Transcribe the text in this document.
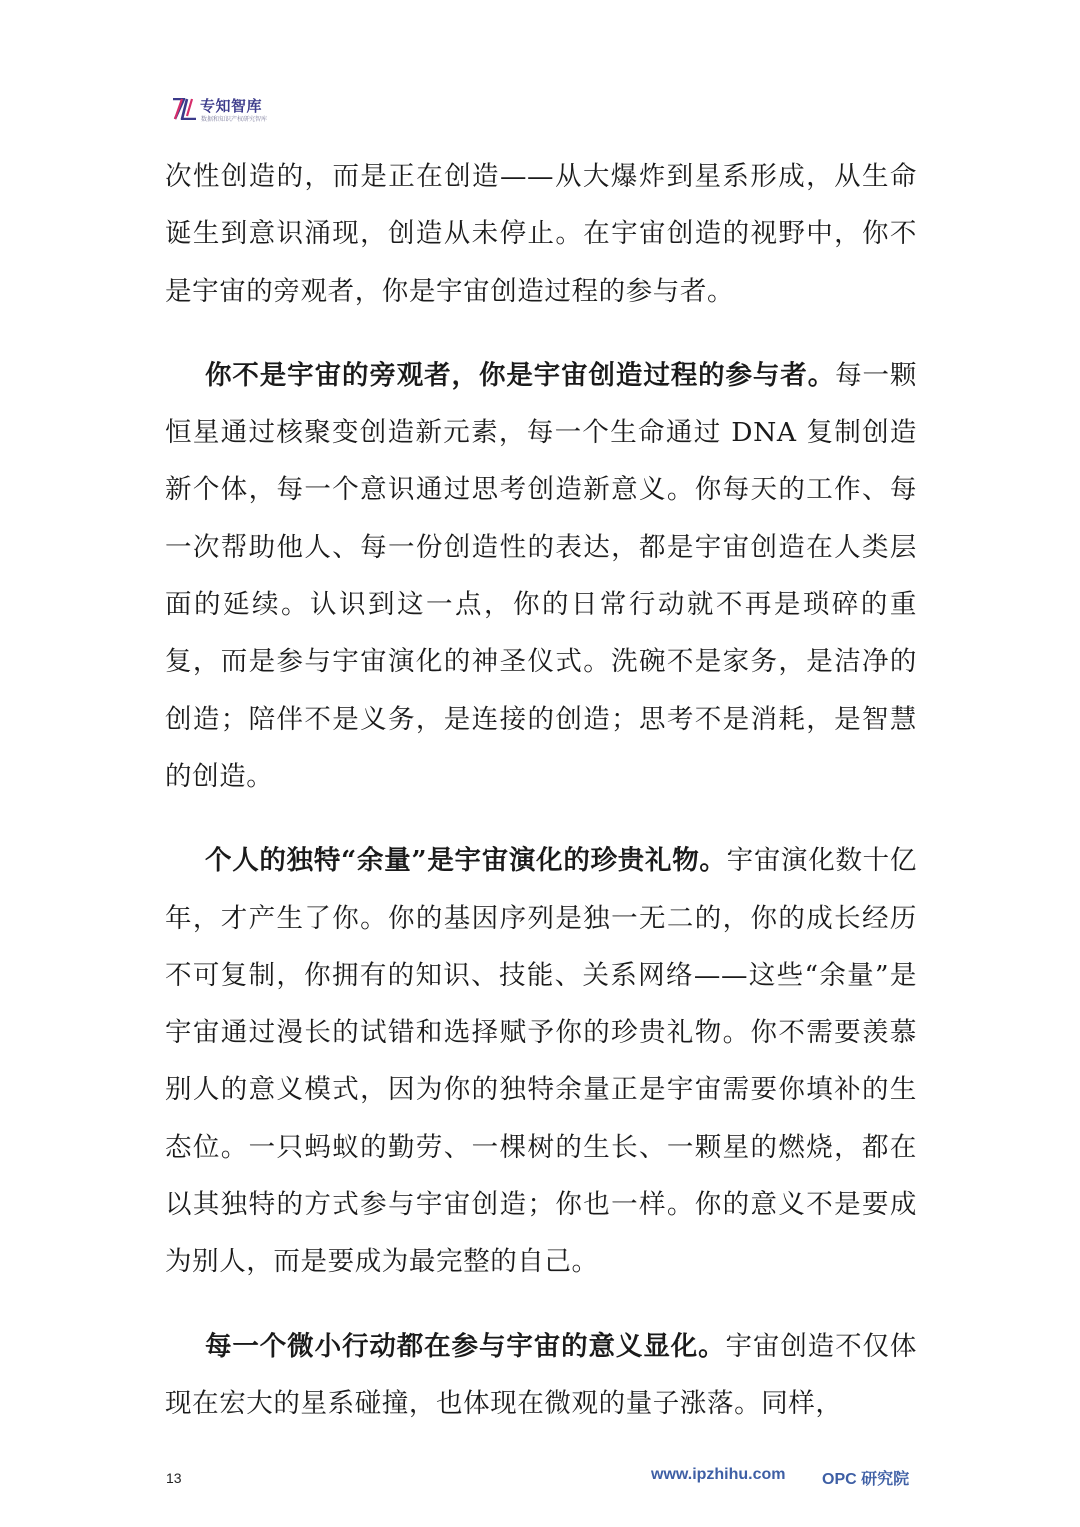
专知智库
数据和知识产权研究智库

次性创造的，而是正在创造——从大爆炸到星系形成，从生命诞生到意识涌现，创造从未停止。在宇宙创造的视野中，你不是宇宙的旁观者，你是宇宙创造过程的参与者。

你不是宇宙的旁观者，你是宇宙创造过程的参与者。每一颗恒星通过核聚变创造新元素，每一个生命通过 DNA 复制创造新个体，每一个意识通过思考创造新意义。你每天的工作、每一次帮助他人、每一份创造性的表达，都是宇宙创造在人类层面的延续。认识到这一点，你的日常行动就不再是琐碎的重复，而是参与宇宙演化的神圣仪式。洗碗不是家务，是洁净的创造；陪伴不是义务，是连接的创造；思考不是消耗，是智慧的创造。

个人的独特“余量”是宇宙演化的珍贵礼物。宇宙演化数十亿年，才产生了你。你的基因序列是独一无二的，你的成长经历不可复制，你拥有的知识、技能、关系网络——这些“余量”是宇宙通过漫长的试错和选择赋予你的珍贵礼物。你不需要羡慕别人的意义模式，因为你的独特余量正是宇宙需要你填补的生态位。一只蚂蚁的勤劳、一棵树的生长、一颗星的燃烧，都在以其独特的方式参与宇宙创造；你也一样。你的意义不是要成为别人，而是要成为最完整的自己。

每一个微小行动都在参与宇宙的意义显化。宇宙创造不仅体现在宏大的星系碰撞，也体现在微观的量子涨落。同样，

13	www.ipzhihu.com OPC 研究院
